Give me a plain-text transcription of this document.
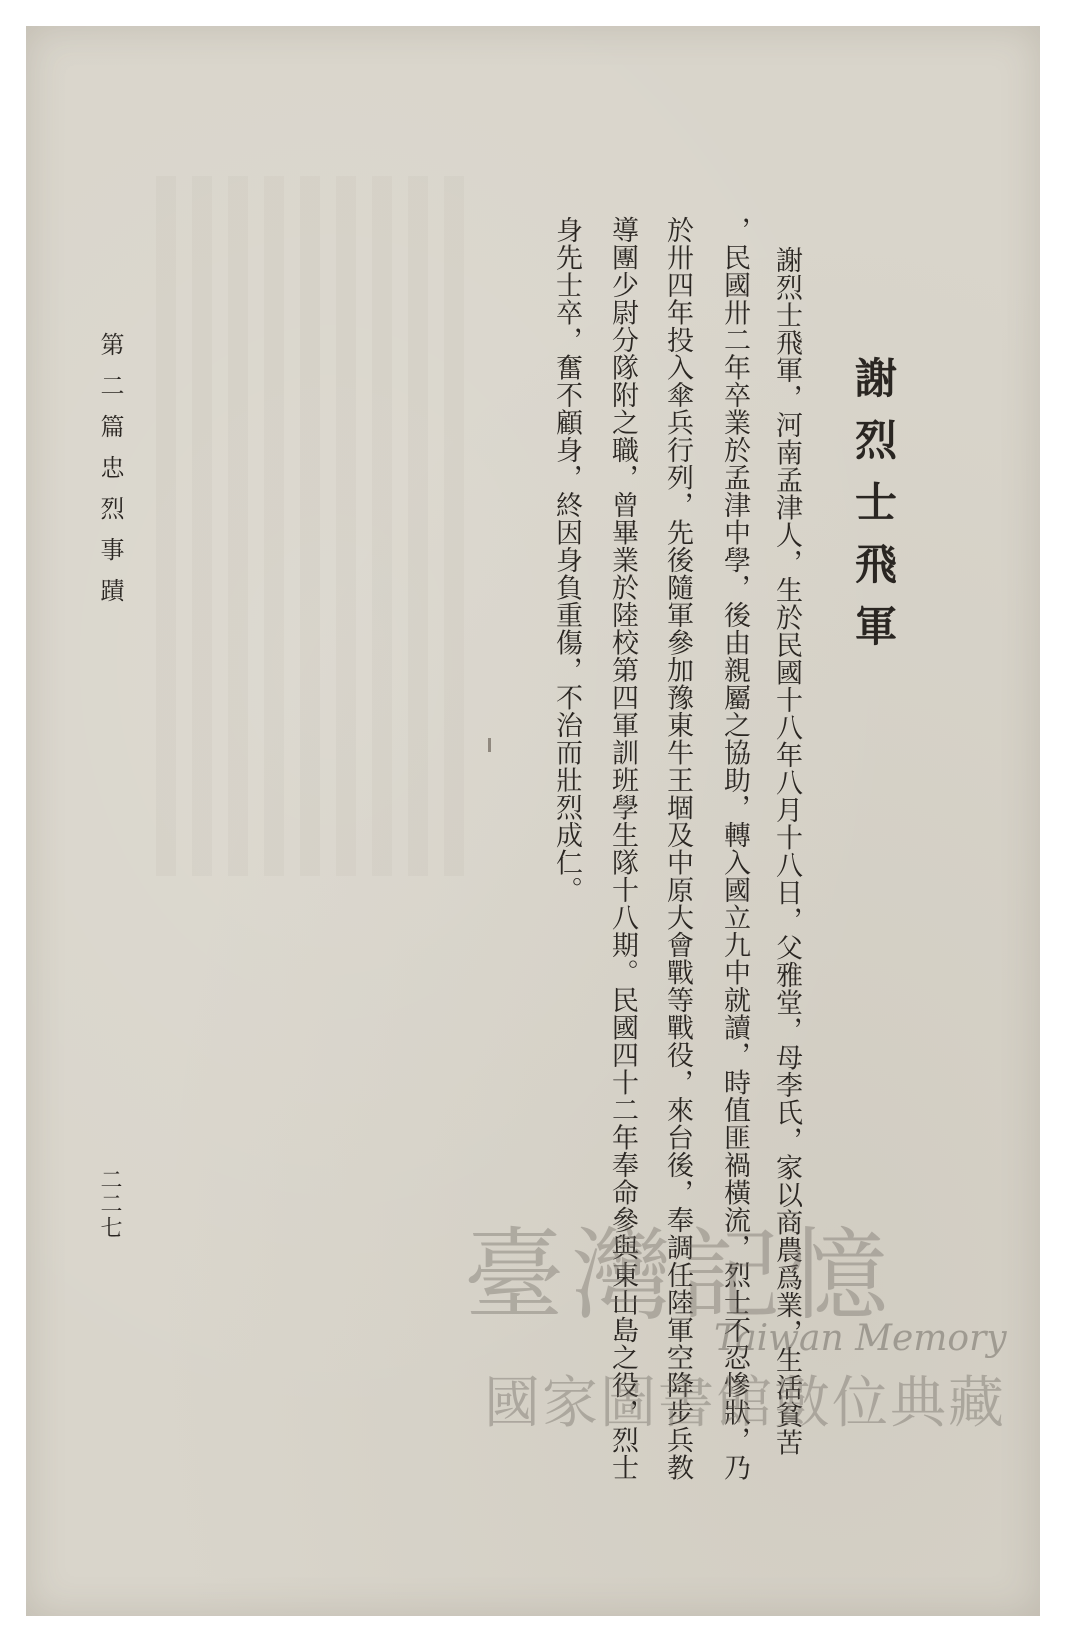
謝烈士飛軍
謝烈士飛軍，河南孟津人，生於民國十八年八月十八日，父雅堂，母李氏，家以商農爲業，生活貧苦
，民國卅二年卒業於孟津中學，後由親屬之協助，轉入國立九中就讀，時值匪禍橫流，烈士不忍慘狀，乃
於卅四年投入傘兵行列，先後隨軍參加豫東牛王堌及中原大會戰等戰役，來台後，奉調任陸軍空降步兵教
導團少尉分隊附之職，曾畢業於陸校第四軍訓班學生隊十八期。民國四十二年奉命參與東山島之役，烈士
身先士卒，奮不顧身，終因身負重傷，不治而壯烈成仁。
第二篇忠烈事蹟
二二七
臺灣記憶
Taiwan Memory
國家圖書館數位典藏
